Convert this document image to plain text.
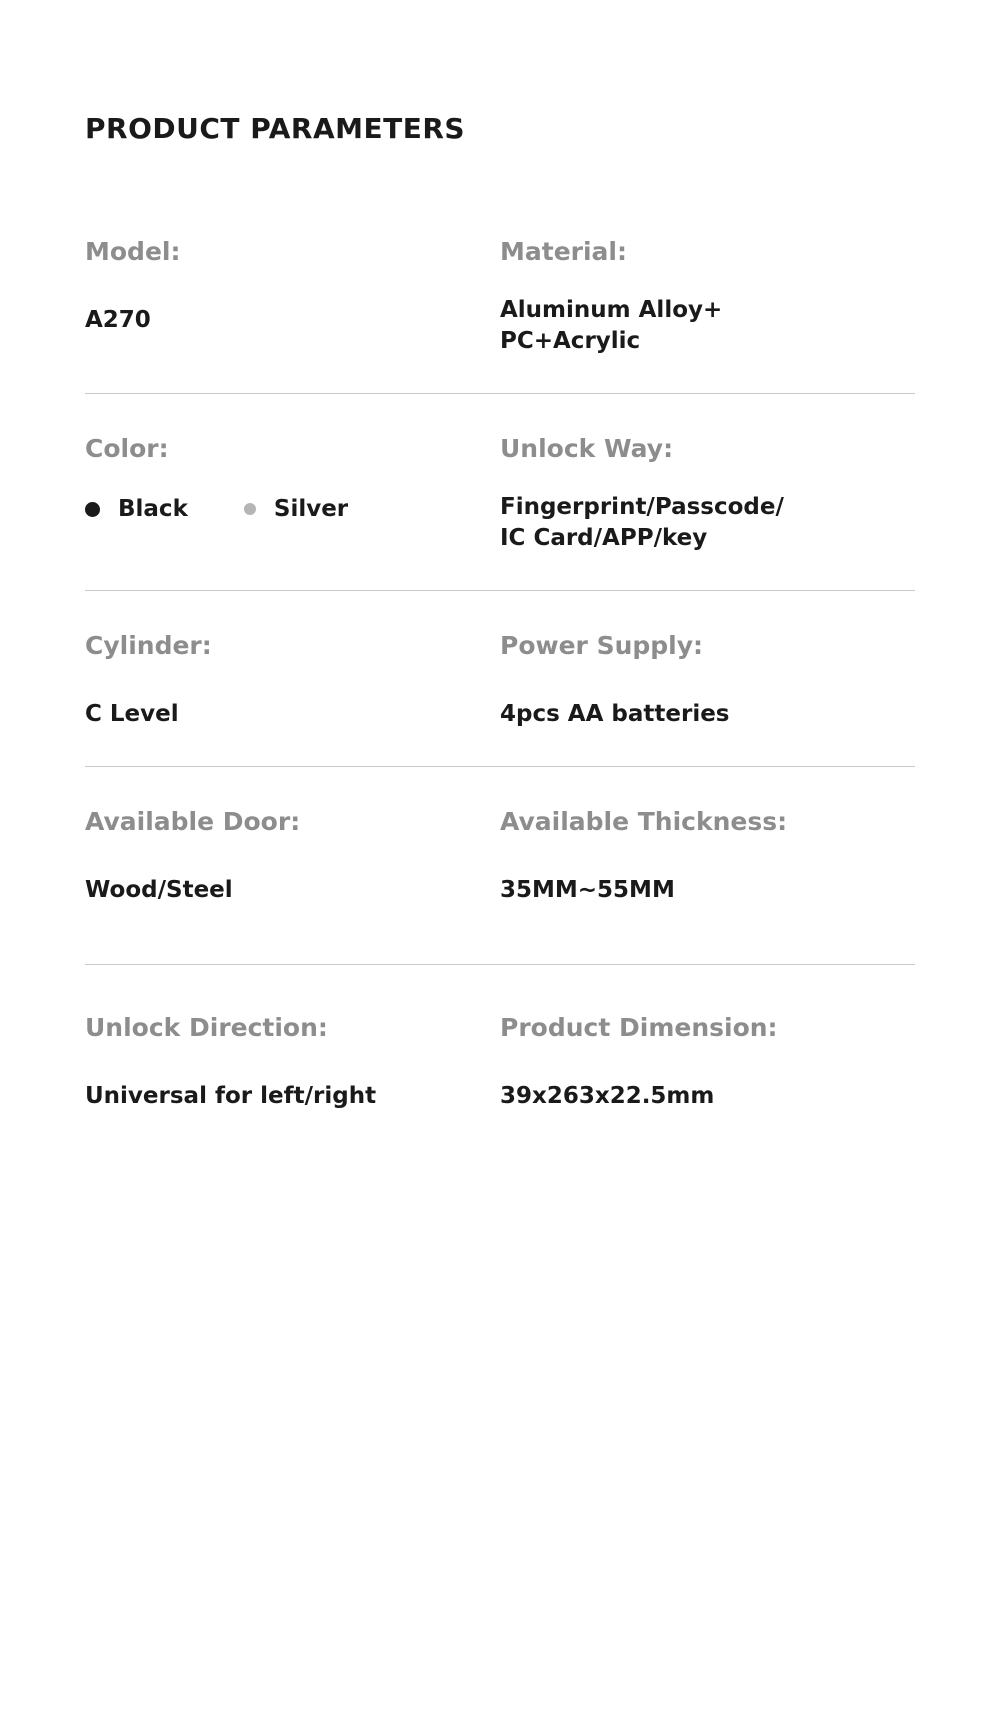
PRODUCT PARAMETERS
Model:
A270
Material:
Aluminum Alloy+
PC+Acrylic
Color:
Black	Silver
Unlock Way:
Fingerprint/Passcode/
IC Card/APP/key
Cylinder:
C Level
Power Supply:
4pcs AA batteries
Available Door:
Wood/Steel
Available Thickness:
35MM~55MM
Unlock Direction:
Universal for left/right
Product Dimension:
39x263x22.5mm
